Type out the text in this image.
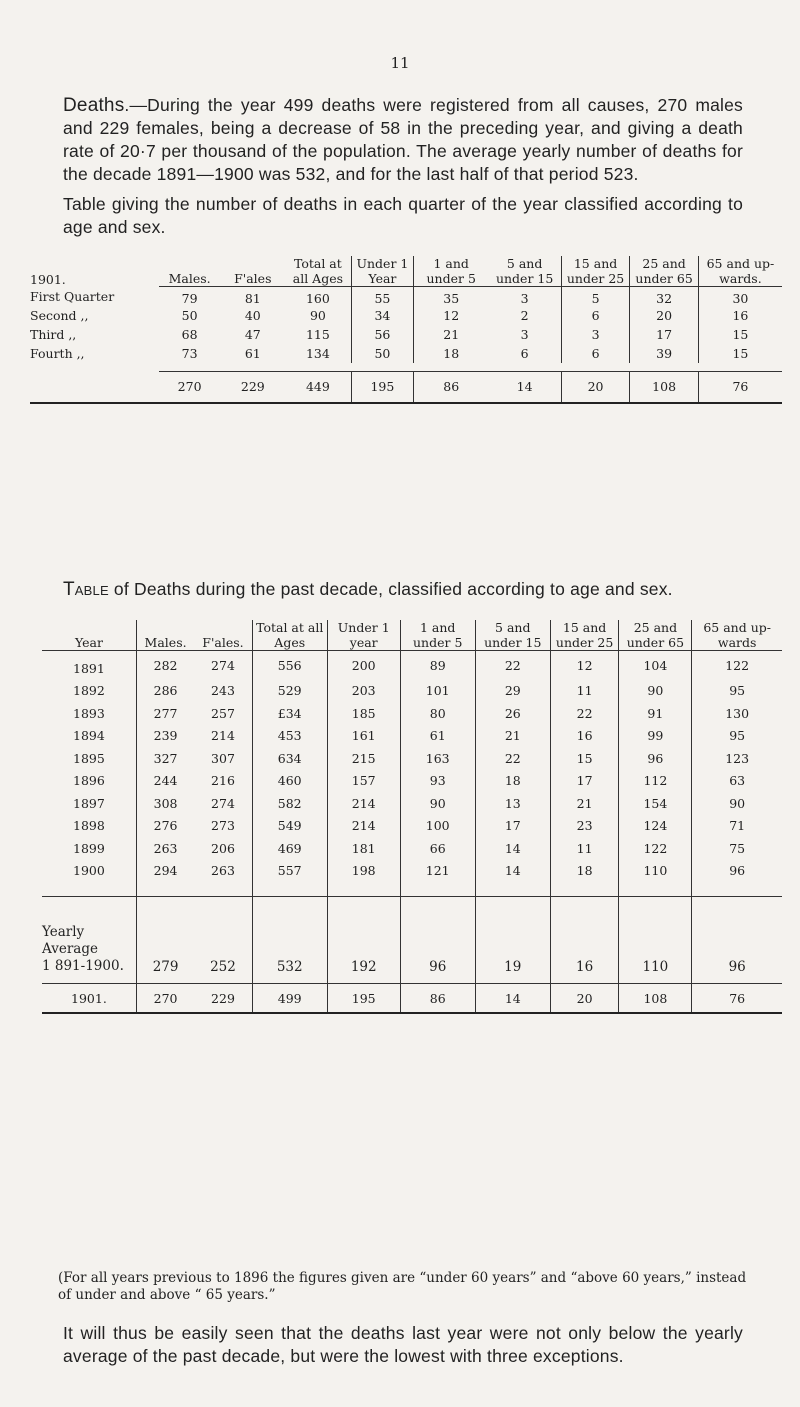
11

Deaths.—During the year 499 deaths were registered from all causes, 270 males and 229 females, being a decrease of 58 in the preceding year, and giving a death rate of 20·7 per thousand of the population. The average yearly number of deaths for the decade 1891—1900 was 532, and for the last half of that period 523.

Table giving the number of deaths in each quarter of the year classified according to age and sex.

1901.	Males.	F'ales	Total at all Ages	Under 1 Year	1 and under 5	5 and under 15	15 and under 25	25 and under 65	65 and up-wards.
First Quarter	79	81	160	55	35	3	5	32	30
Second ,,	50	40	90	34	12	2	6	20	16
Third ,,	68	47	115	56	21	3	3	17	15
Fourth ,,	73	61	134	50	18	6	6	39	15

	270	229	449	195	86	14	20	108	76

Table of Deaths during the past decade, classified according to age and sex.

Year	Males.	F'ales.	Total at all Ages	Under 1 year	1 and under 5	5 and under 15	15 and under 25	25 and under 65	65 and up-wards
1891	282	274	556	200	89	22	12	104	122
1892	286	243	529	203	101	29	11	90	95
1893	277	257	£34	185	80	26	22	91	130
1894	239	214	453	161	61	21	16	99	95
1895	327	307	634	215	163	22	15	96	123
1896	244	216	460	157	93	18	17	112	63
1897	308	274	582	214	90	13	21	154	90
1898	276	273	549	214	100	17	23	124	71
1899	263	206	469	181	66	14	11	122	75
1900	294	263	557	198	121	14	18	110	96

Yearly
Average
1 891-1900.	279	252	532	192	96	19	16	110	96
1901.	270	229	499	195	86	14	20	108	76

(For all years previous to 1896 the figures given are “under 60 years” and “above 60 years,” instead of under and above “ 65 years.”

It will thus be easily seen that the deaths last year were not only below the yearly average of the past decade, but were the lowest with three exceptions.
